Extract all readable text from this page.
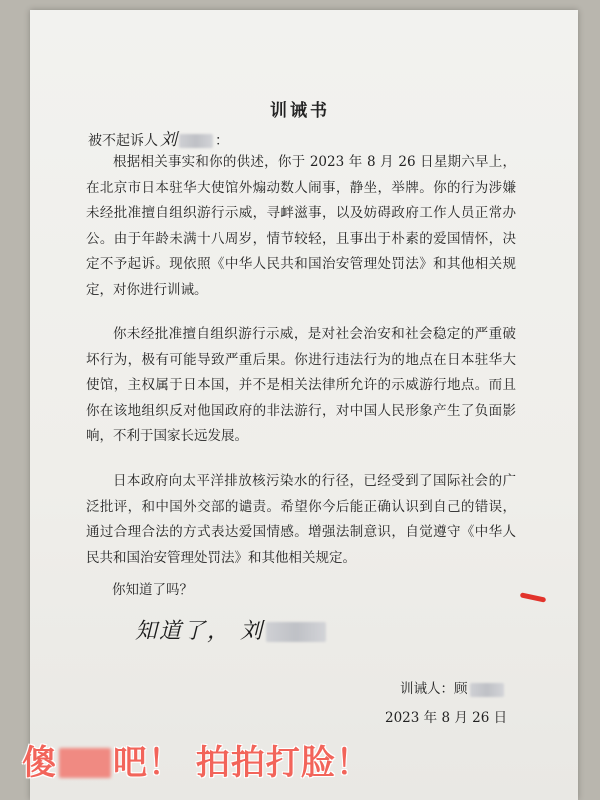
训诫书
被不起诉人 刘	：
根据相关事实和你的供述，你于 2023 年 8 月 26 日星期六早上，在北京市日本驻华大使馆外煽动数人闹事，静坐，举牌。你的行为涉嫌未经批准擅自组织游行示威，寻衅滋事，以及妨碍政府工作人员正常办公。由于年龄未满十八周岁，情节较轻，且事出于朴素的爱国情怀，决定不予起诉。现依照《中华人民共和国治安管理处罚法》和其他相关规定，对你进行训诫。
你未经批准擅自组织游行示威，是对社会治安和社会稳定的严重破坏行为，极有可能导致严重后果。你进行违法行为的地点在日本驻华大使馆，主权属于日本国，并不是相关法律所允许的示威游行地点。而且你在该地组织反对他国政府的非法游行，对中国人民形象产生了负面影响，不利于国家长远发展。
日本政府向太平洋排放核污染水的行径，已经受到了国际社会的广泛批评，和中国外交部的谴责。希望你今后能正确认识到自己的错误，通过合理合法的方式表达爱国情感。增强法制意识，自觉遵守《中华人民共和国治安管理处罚法》和其他相关规定。
你知道了吗？
知道了， 刘
训诫人：顾
2023 年 8 月 26 日
傻 吧！ 拍拍打脸！
